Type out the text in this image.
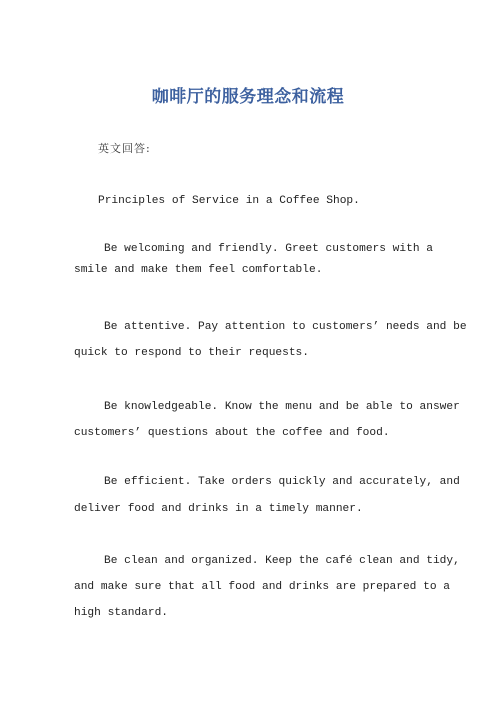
咖啡厅的服务理念和流程
英文回答:
Principles of Service in a Coffee Shop.
Be welcoming and friendly. Greet customers with a
smile and make them feel comfortable.
Be attentive. Pay attention to customers’ needs and be
quick to respond to their requests.
Be knowledgeable. Know the menu and be able to answer
customers’ questions about the coffee and food.
Be efficient. Take orders quickly and accurately, and
deliver food and drinks in a timely manner.
Be clean and organized. Keep the café clean and tidy,
and make sure that all food and drinks are prepared to a
high standard.
